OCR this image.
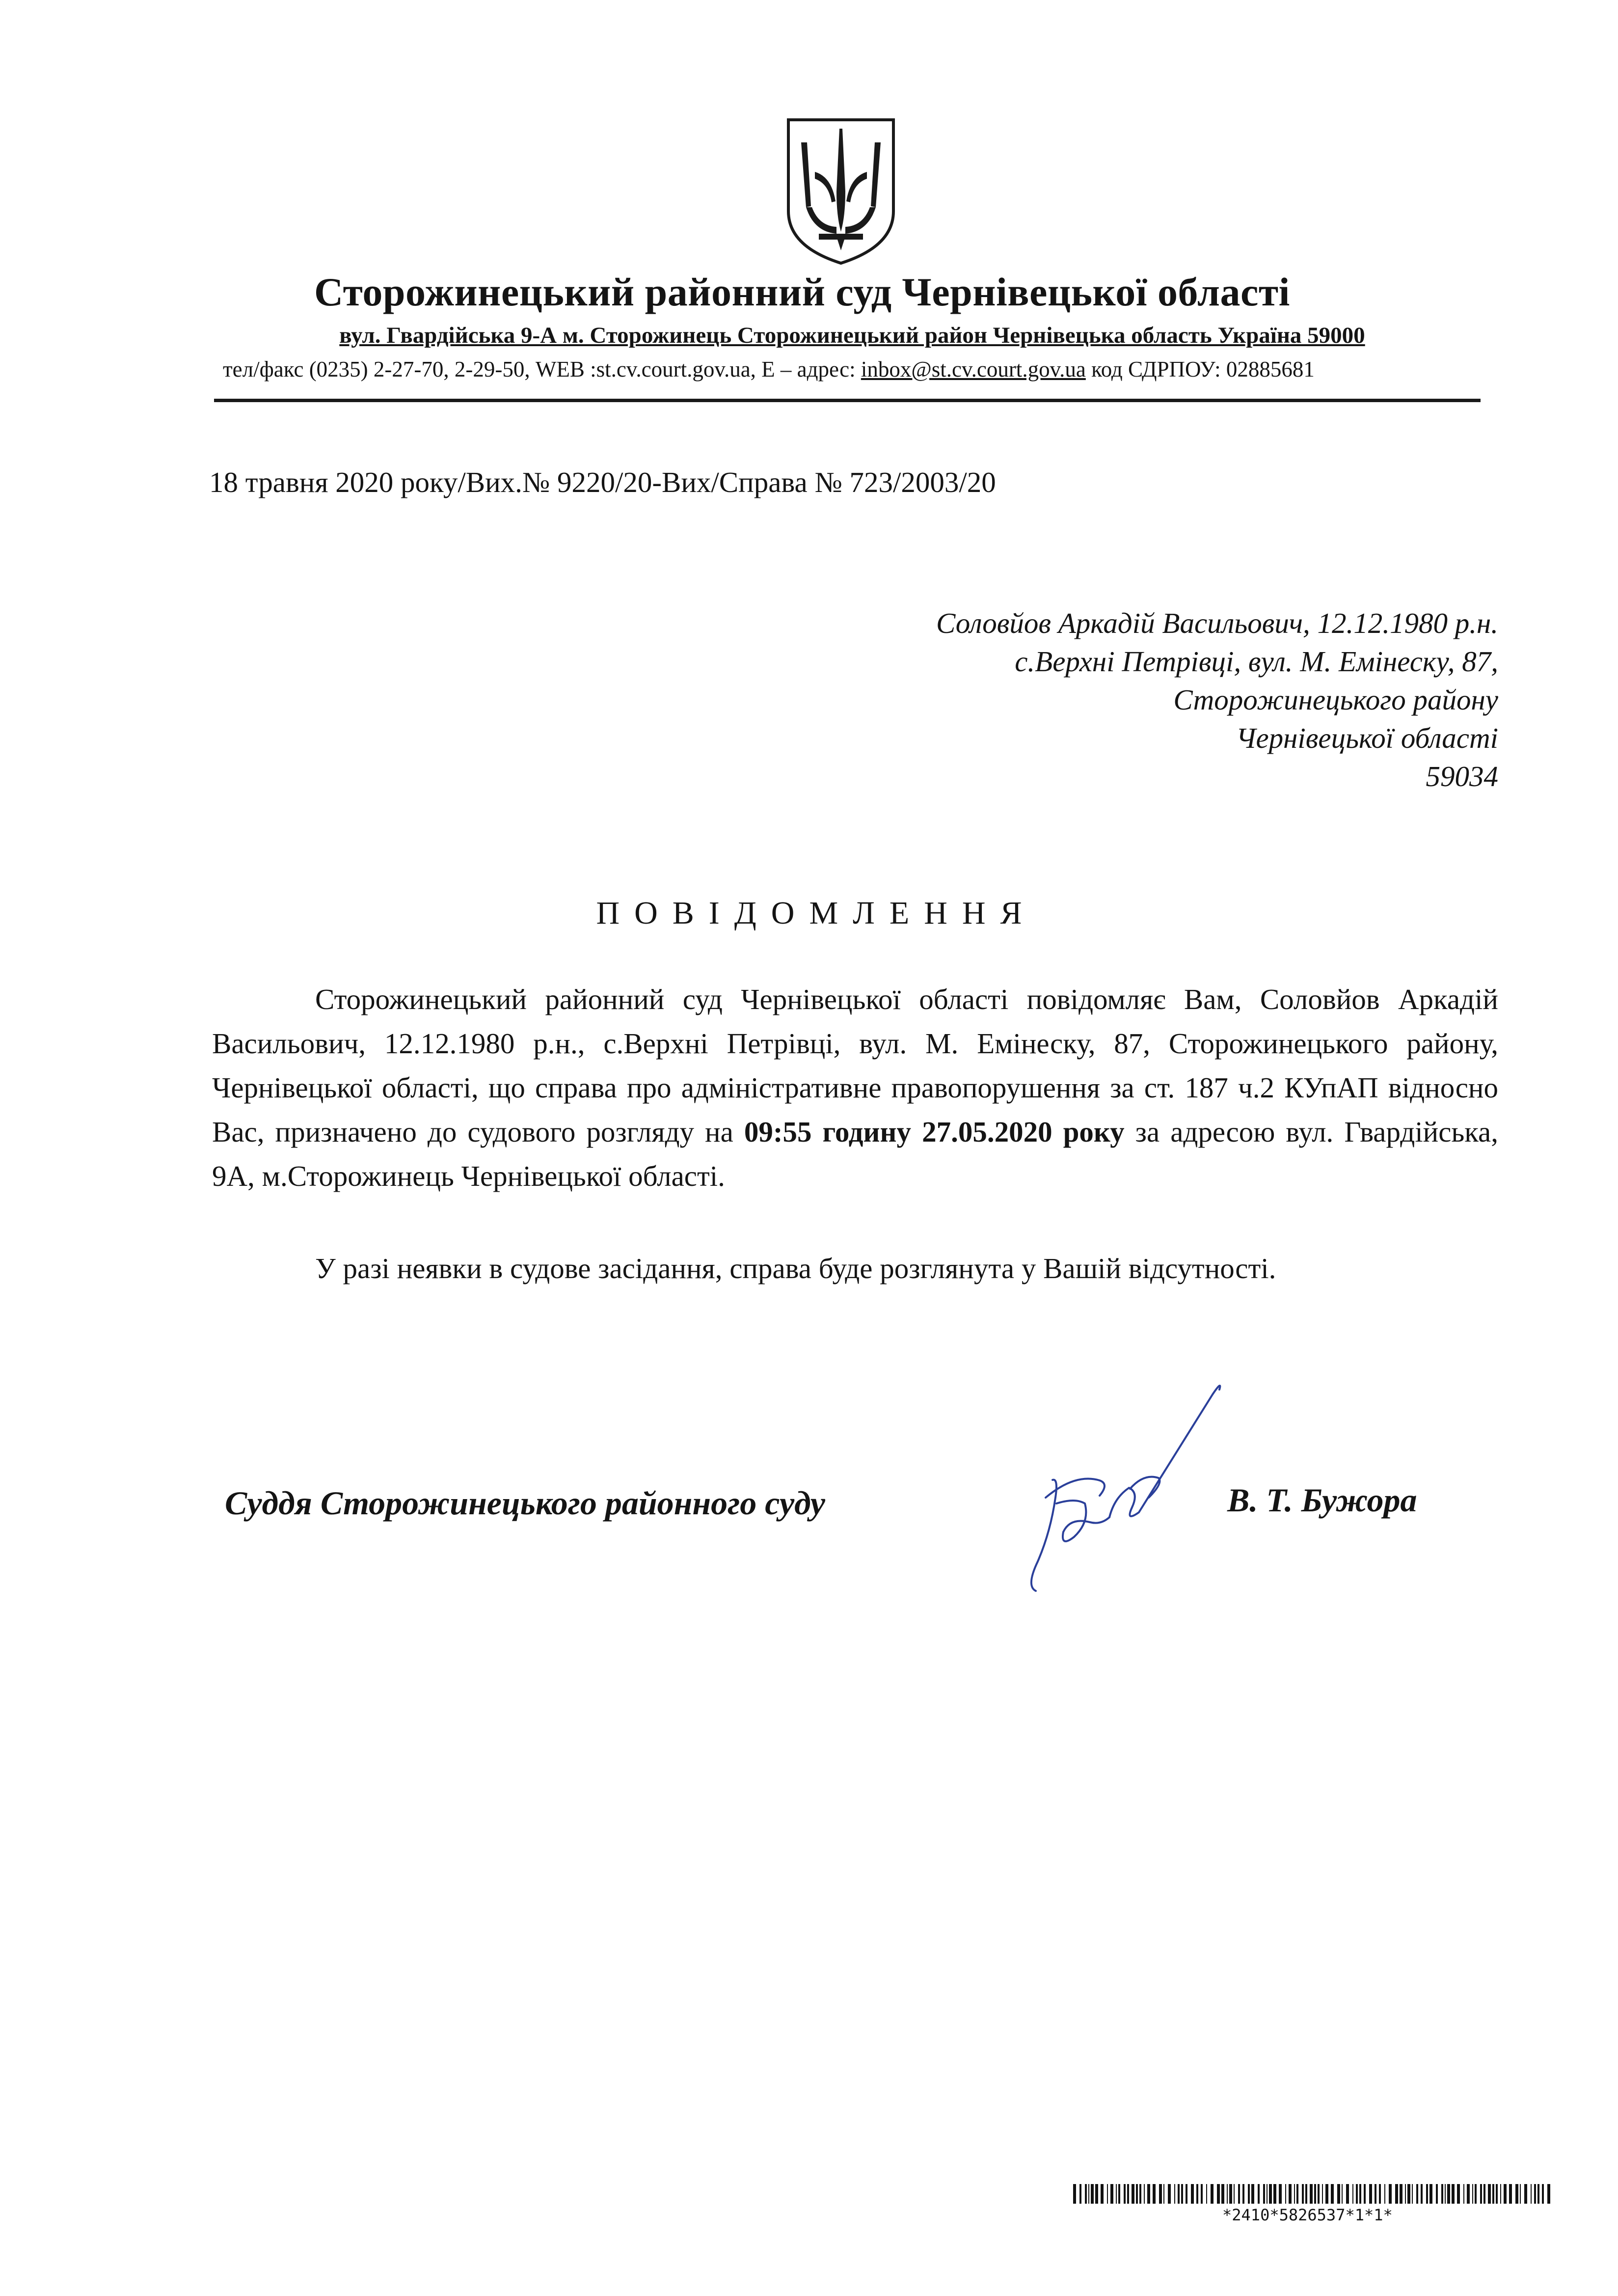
Сторожинецький районний суд Чернівецької області
вул. Гвардійська 9-А м. Сторожинець Сторожинецький район Чернівецька область Україна 59000
тел/факс (0235) 2-27-70, 2-29-50, WEB :st.cv.court.gov.ua, E – адрес: inbox@st.cv.court.gov.ua код СДРПОУ: 02885681
18 травня 2020 року/Вих.№ 9220/20-Вих/Справа № 723/2003/20
Соловйов Аркадій Васильович, 12.12.1980 р.н.
с.Верхні Петрівці, вул. М. Емінеску, 87,
Сторожинецького району
Чернівецької області
59034
ПОВІДОМЛЕННЯ

Сторожинецький районний суд Чернівецької області повідомляє Вам, Соловйов Аркадій Васильович, 12.12.1980 р.н., с.Верхні Петрівці, вул. М. Емінеску, 87, Сторожинецького району, Чернівецької області, що справа про адміністративне правопорушення за ст. 187 ч.2 КУпАП відносно Вас, призначено до судового розгляду на 09:55 годину 27.05.2020 року за адресою вул. Гвардійська, 9А, м.Сторожинець Чернівецької області.

У разі неявки в судове засідання, справа буде розглянута у Вашій відсутності.

Суддя Сторожинецького районного суду	В. Т. Бужора
*2410*5826537*1*1*
